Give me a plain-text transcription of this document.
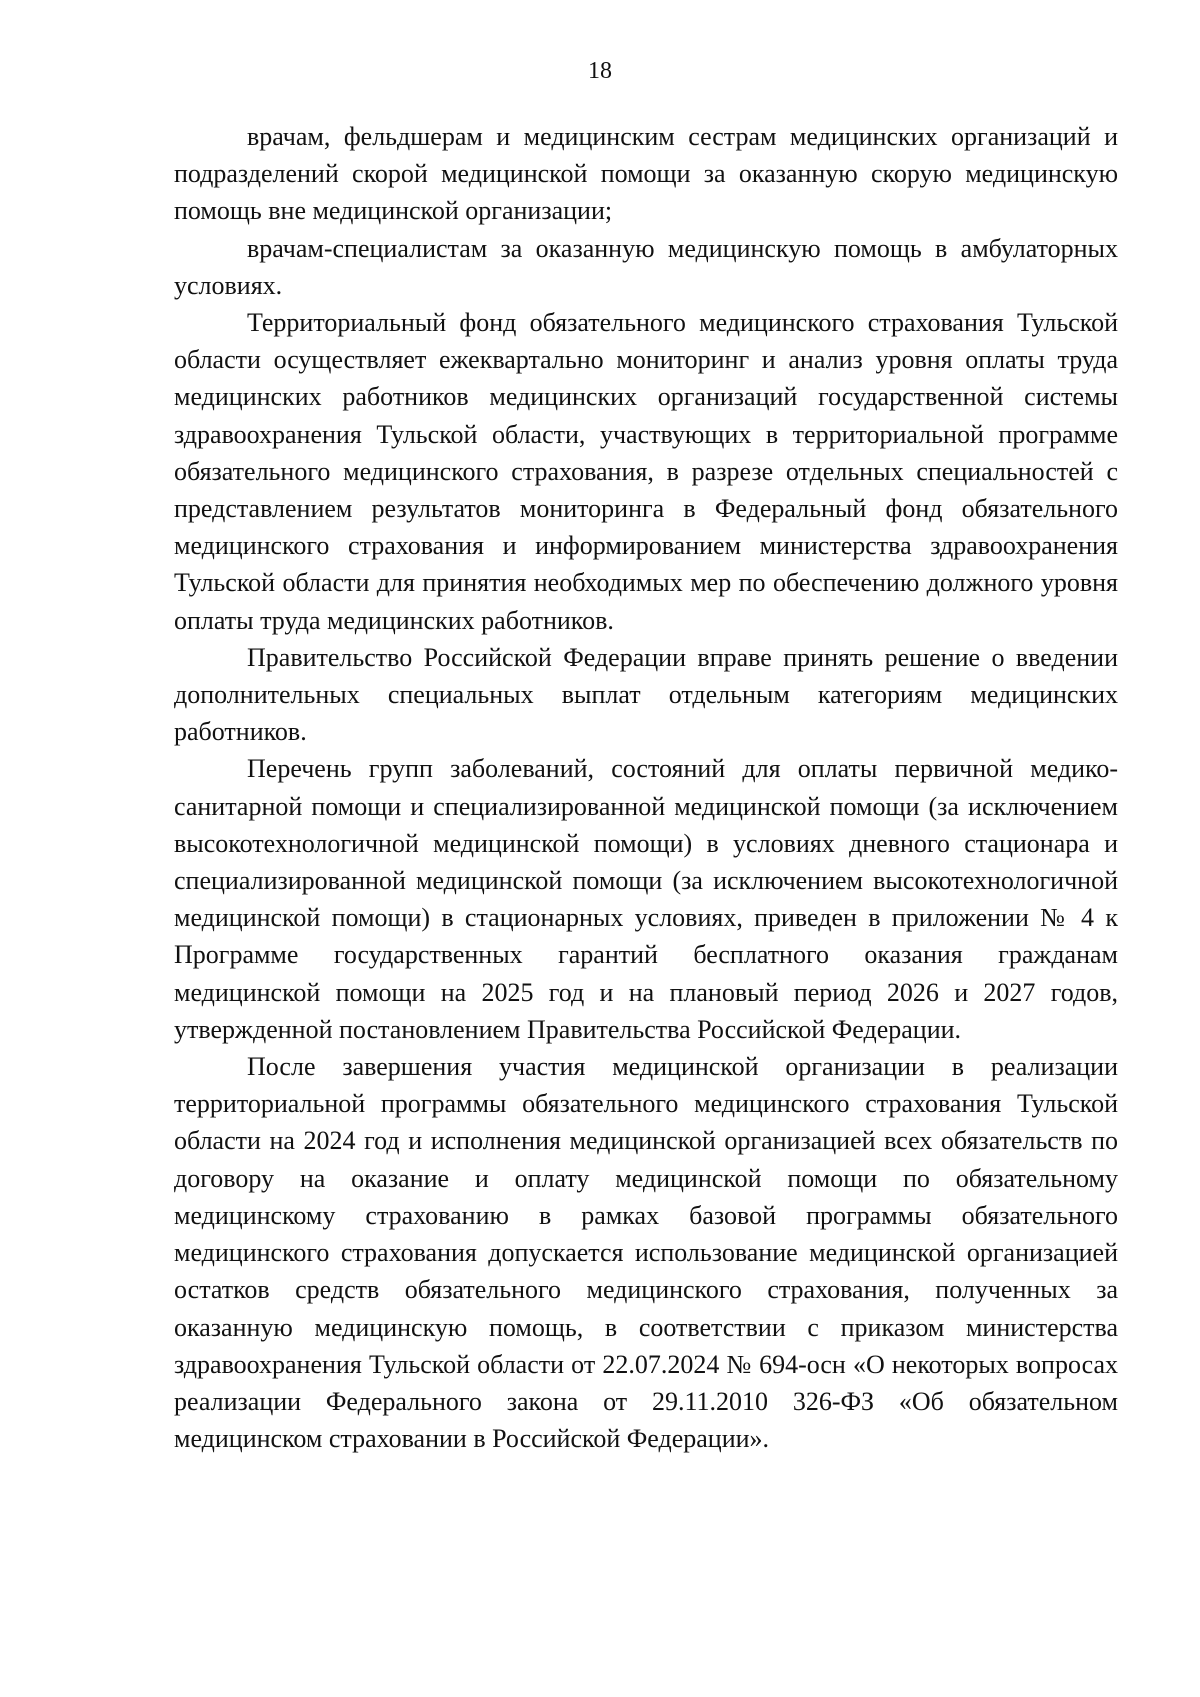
18

врачам, фельдшерам и медицинским сестрам медицинских организаций и подразделений скорой медицинской помощи за оказанную скорую медицинскую помощь вне медицинской организации;

врачам-специалистам за оказанную медицинскую помощь в амбулаторных условиях.

Территориальный фонд обязательного медицинского страхования Тульской области осуществляет ежеквартально мониторинг и анализ уровня оплаты труда медицинских работников медицинских организаций государственной системы здравоохранения Тульской области, участвующих в территориальной программе обязательного медицинского страхования, в разрезе отдельных специальностей с представлением результатов мониторинга в Федеральный фонд обязательного медицинского страхования и информированием министерства здравоохранения Тульской области для принятия необходимых мер по обеспечению должного уровня оплаты труда медицинских работников.

Правительство Российской Федерации вправе принять решение о введении дополнительных специальных выплат отдельным категориям медицинских работников.

Перечень групп заболеваний, состояний для оплаты первичной медико-санитарной помощи и специализированной медицинской помощи (за исключением высокотехнологичной медицинской помощи) в условиях дневного стационара и специализированной медицинской помощи (за исключением высокотехнологичной медицинской помощи) в стационарных условиях, приведен в приложении № 4 к Программе государственных гарантий бесплатного оказания гражданам медицинской помощи на 2025 год и на плановый период 2026 и 2027 годов, утвержденной постановлением Правительства Российской Федерации.

После завершения участия медицинской организации в реализации территориальной программы обязательного медицинского страхования Тульской области на 2024 год и исполнения медицинской организацией всех обязательств по договору на оказание и оплату медицинской помощи по обязательному медицинскому страхованию в рамках базовой программы обязательного медицинского страхования допускается использование медицинской организацией остатков средств обязательного медицинского страхования, полученных за оказанную медицинскую помощь, в соответствии с приказом министерства здравоохранения Тульской области от 22.07.2024 № 694-осн «О некоторых вопросах реализации Федерального закона от 29.11.2010 326-ФЗ «Об обязательном медицинском страховании в Российской Федерации».
